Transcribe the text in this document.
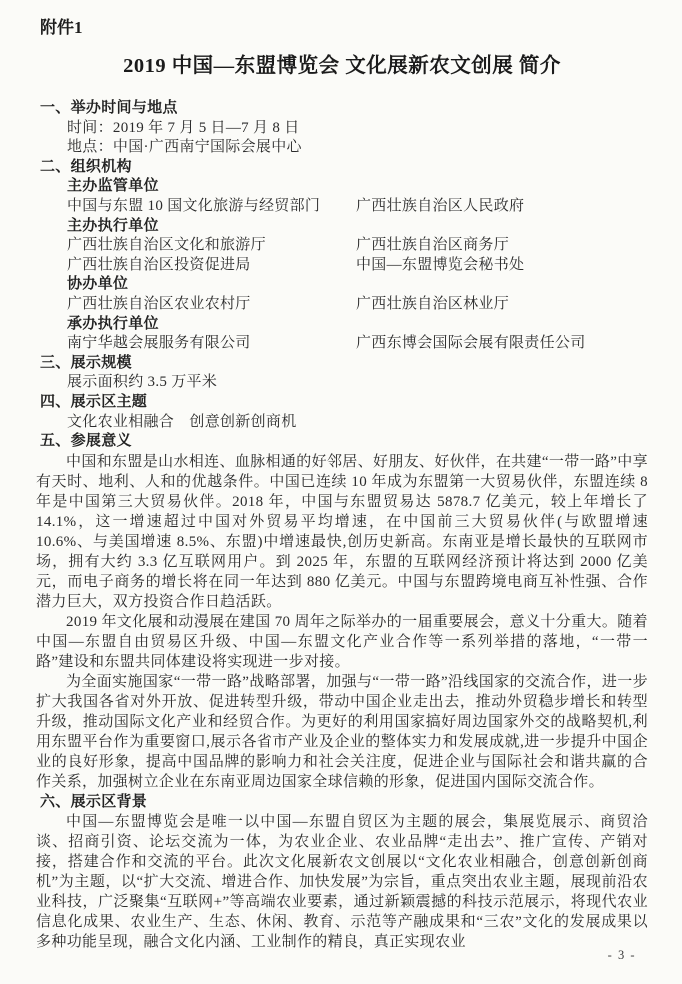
附件1
2019 中国—东盟博览会 文化展新农文创展 简介
一、举办时间与地点
时间：2019 年 7 月 5 日—7 月 8 日
地点：中国·广西南宁国际会展中心
二、组织机构
主办监管单位
中国与东盟 10 国文化旅游与经贸部门	广西壮族自治区人民政府
主办执行单位
广西壮族自治区文化和旅游厅	广西壮族自治区商务厅
广西壮族自治区投资促进局	中国—东盟博览会秘书处
协办单位
广西壮族自治区农业农村厅	广西壮族自治区林业厅
承办执行单位
南宁华越会展服务有限公司	广西东博会国际会展有限责任公司
三、展示规模
展示面积约 3.5 万平米
四、展示区主题
文化农业相融合　创意创新创商机
五、参展意义

中国和东盟是山水相连、血脉相通的好邻居、好朋友、好伙伴，在共建“一带一路”中享有天时、地利、人和的优越条件。中国已连续 10 年成为东盟第一大贸易伙伴，东盟连续 8 年是中国第三大贸易伙伴。2018 年，中国与东盟贸易达 5878.7 亿美元，较上年增长了 14.1%，这一增速超过中国对外贸易平均增速，在中国前三大贸易伙伴(与欧盟增速 10.6%、与美国增速 8.5%、东盟)中增速最快,创历史新高。东南亚是增长最快的互联网市场，拥有大约 3.3 亿互联网用户。到 2025 年，东盟的互联网经济预计将达到 2000 亿美元，而电子商务的增长将在同一年达到 880 亿美元。中国与东盟跨境电商互补性强、合作潜力巨大，双方投资合作日趋活跃。

2019 年文化展和动漫展在建国 70 周年之际举办的一届重要展会，意义十分重大。随着中国—东盟自由贸易区升级、中国—东盟文化产业合作等一系列举措的落地，“一带一路”建设和东盟共同体建设将实现进一步对接。

为全面实施国家“一带一路”战略部署，加强与“一带一路”沿线国家的交流合作，进一步扩大我国各省对外开放、促进转型升级，带动中国企业走出去，推动外贸稳步增长和转型升级，推动国际文化产业和经贸合作。为更好的利用国家搞好周边国家外交的战略契机,利用东盟平台作为重要窗口,展示各省市产业及企业的整体实力和发展成就,进一步提升中国企业的良好形象，提高中国品牌的影响力和社会关注度，促进企业与国际社会和谐共赢的合作关系，加强树立企业在东南亚周边国家全球信赖的形象，促进国内国际交流合作。

六、展示区背景

中国—东盟博览会是唯一以中国—东盟自贸区为主题的展会，集展览展示、商贸洽谈、招商引资、论坛交流为一体，为农业企业、农业品牌“走出去”、推广宣传、产销对接，搭建合作和交流的平台。此次文化展新农文创展以“文化农业相融合，创意创新创商机”为主题，以“扩大交流、增进合作、加快发展”为宗旨，重点突出农业主题，展现前沿农业科技，广泛聚集“互联网+”等高端农业要素，通过新颖震撼的科技示范展示，将现代农业信息化成果、农业生产、生态、休闲、教育、示范等产融成果和“三农”文化的发展成果以多种功能呈现，融合文化内涵、工业制作的精良，真正实现农业

- 3 -
